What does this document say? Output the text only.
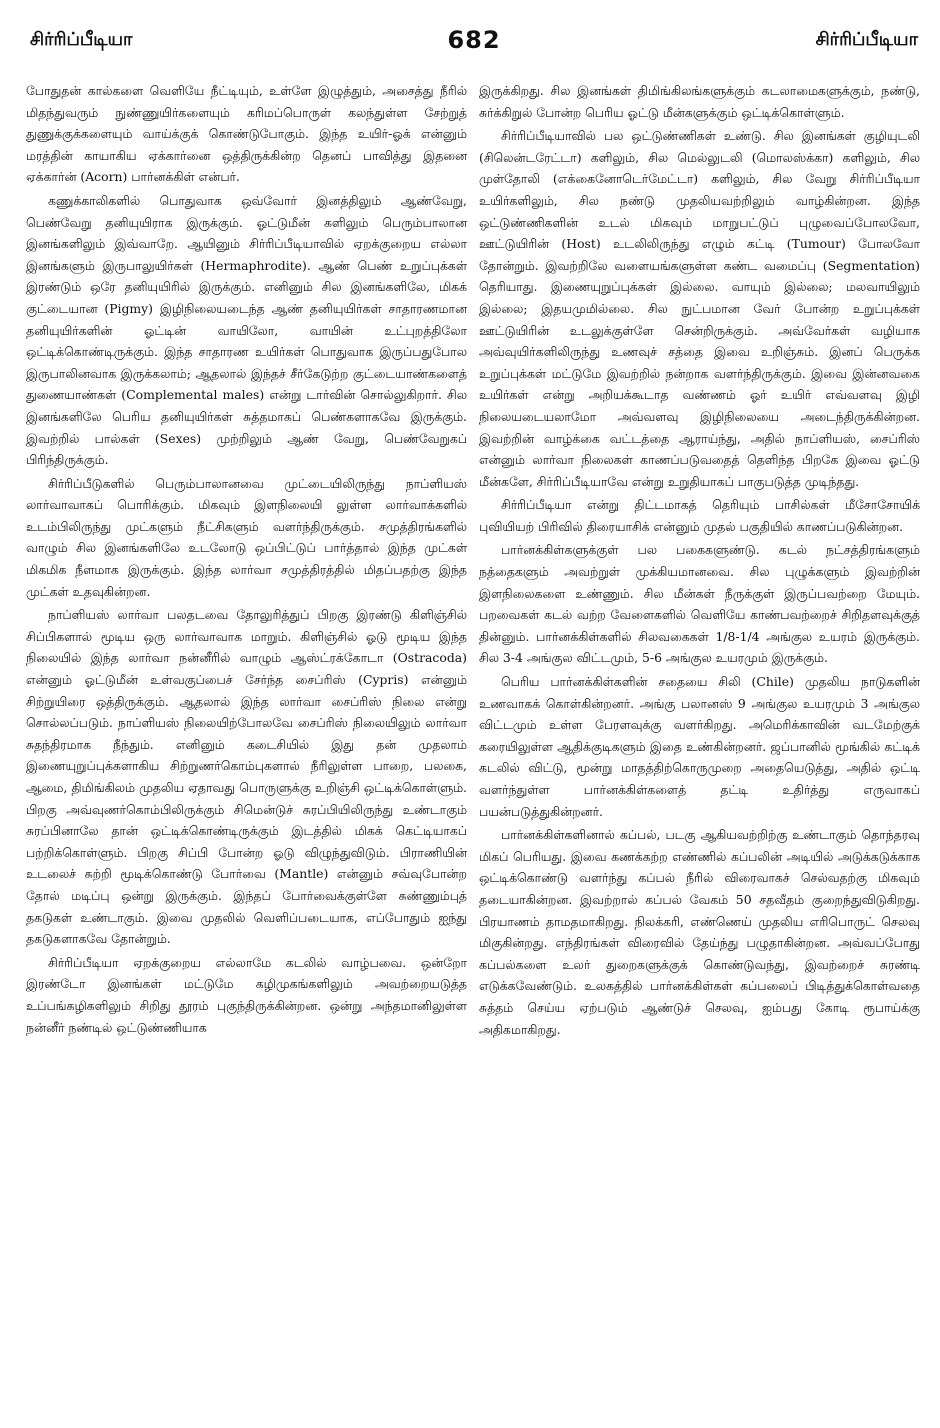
சிர்ரிப்பீடியா	682	சிர்ரிப்பீடியா

போதுதன் கால்களை வெளியே நீட்டியும், உள்ளே இழுத்தும், அசைத்து நீரில் மிதந்துவரும் நுண்ணுயிர்களையும் கரிமப்பொருள் கலந்துள்ள சேற்றுத் துணுக்குக்களையும் வாய்க்குக் கொண்டுபோகும். இந்த உயிர்-ஓக் என்னும் மரத்தின் காயாகிய ஏக்கார்னை ஒத்திருக்கின்ற தெனப் பாவித்து இதனை ஏக்கார்ன் (Acorn) பார்னக்கிள் என்பர்.

கணுக்காலிகளில் பொதுவாக ஒவ்வோர் இனத்திலும் ஆண்வேறு, பெண்வேறு தனியுயிராக இருக்கும். ஓட்டுமீன் களிலும் பெரும்பாலான இனங்களிலும் இவ்வாறே. ஆயினும் சிர்ரிப்பீடியாவில் ஏறக்குறைய எல்லா இனங்களும் இருபாலுயிர்கள் (Hermaphrodite). ஆண் பெண் உறுப்புக்கள் இரண்டும் ஒரே தனியுயிரில் இருக்கும். எனினும் சில இனங்களிலே, மிகக் குட்டையான (Pigmy) இழிநிலையடைந்த ஆண் தனியுயிர்கள் சாதாரணமான தனியுயிர்களின் ஓட்டின் வாயிலோ, வாயின் உட்புறத்திலோ ஒட்டிக்கொண்டிருக்கும். இந்த சாதாரண உயிர்கள் பொதுவாக இருப்பதுபோல இருபாலினவாக இருக்கலாம்; ஆதலால் இந்தச் சீர்கேடுற்ற குட்டையாண்களைத் துணையாண்கள் (Complemental males) என்று டார்வின் சொல்லுகிறார். சில இனங்களிலே பெரிய தனியுயிர்கள் சுத்தமாகப் பெண்களாகவே இருக்கும். இவற்றில் பால்கள் (Sexes) முற்றிலும் ஆண் வேறு, பெண்வேறுகப் பிரிந்திருக்கும்.

சிர்ரிப்பீடுகளில் பெரும்பாலானவை முட்டையிலிருந்து நாப்ளியஸ் லார்வாவாகப் பொரிக்கும். மிகவும் இளநிலையி லுள்ள லார்வாக்களில் உடம்பிலிருந்து முட்களும் நீட்சிகளும் வளர்ந்திருக்கும். சமுத்திரங்களில் வாழும் சில இனங்களிலே உடலோடு ஒப்பிட்டுப் பார்த்தால் இந்த முட்கள் மிகமிக நீளமாக இருக்கும். இந்த லார்வா சமுத்திரத்தில் மிதப்பதற்கு இந்த முட்கள் உதவுகின்றன.

நாப்ளியஸ் லார்வா பலதடவை தோலுரித்துப் பிறகு இரண்டு கிளிஞ்சில் சிப்பிகளால் மூடிய ஒரு லார்வாவாக மாறும். கிளிஞ்சில் ஓடு மூடிய இந்த நிலையில் இந்த லார்வா நன்னீரில் வாழும் ஆஸ்ட்ரக்கோடா (Ostracoda) என்னும் ஓட்டுமீன் உள்வகுப்பைச் சேர்ந்த சைப்ரிஸ் (Cypris) என்னும் சிற்றுயிரை ஒத்திருக்கும். ஆதலால் இந்த லார்வா சைப்ரிஸ் நிலை என்று சொல்லப்படும். நாப்ளியஸ் நிலையிற்போலவே சைப்ரிஸ் நிலையிலும் லார்வா சுதந்திரமாக நீந்தும். எனினும் கடைசியில் இது தன் முதலாம் இணையுறுப்புக்களாகிய சிற்றுணர்கொம்புகளால் நீரிலுள்ள பாறை, பலகை, ஆமை, திமிங்கிலம் முதலிய ஏதாவது பொருளுக்கு உறிஞ்சி ஒட்டிக்கொள்ளும். பிறகு அவ்வுணர்கொம்பிலிருக்கும் சிமென்டுச் சுரப்பியிலிருந்து உண்டாகும் சுரப்பினாலே தான் ஒட்டிக்கொண்டிருக்கும் இடத்தில் மிகக் கெட்டியாகப் பற்றிக்கொள்ளும். பிறகு சிப்பி போன்ற ஓடு விழுந்துவிடும். பிராணியின் உடலைச் சுற்றி மூடிக்கொண்டு போர்வை (Mantle) என்னும் சவ்வுபோன்ற தோல் மடிப்பு ஒன்று இருக்கும். இந்தப் போர்வைக்குள்ளே சுண்ணும்புத் தகடுகள் உண்டாகும். இவை முதலில் வெளிப்படையாக, எப்போதும் ஐந்து தகடுகளாகவே தோன்றும்.

சிர்ரிப்பீடியா ஏறக்குறைய எல்லாமே கடலில் வாழ்பவை. ஒன்றோ இரண்டோ இனங்கள் மட்டுமே கழிமுகங்களிலும் அவற்றையடுத்த உப்பங்கழிகளிலும் சிறிது தூரம் புகுந்திருக்கின்றன. ஒன்று அந்தமானிலுள்ள நன்னீர் நண்டில் ஒட்டுண்ணியாக

இருக்கிறது. சில இனங்கள் திமிங்கிலங்களுக்கும் கடலாமைகளுக்கும், நண்டு, சுர்க்கிறுல் போன்ற பெரிய ஓட்டு மீன்களுக்கும் ஒட்டிக்கொள்ளும்.

சிர்ரிப்பீடியாவில் பல ஒட்டுண்ணிகள் உண்டு. சில இனங்கள் குழியுடலி (சிலென்டரேட்டா) களிலும், சில மெல்லுடலி (மொலஸ்க்கா) களிலும், சில முள்தோலி (எக்கைனோடெர்மேட்டா) களிலும், சில வேறு சிர்ரிப்பீடியா உயிர்களிலும், சில நண்டு முதலியவற்றிலும் வாழ்கின்றன. இந்த ஒட்டுண்ணிகளின் உடல் மிகவும் மாறுபட்டுப் புழுவைப்போலவோ, ஊட்டுயிரின் (Host) உடலிலிருந்து எழும் கட்டி (Tumour) போலவோ தோன்றும். இவற்றிலே வளையங்களுள்ள கண்ட வமைப்பு (Segmentation) தெரியாது. இணையுறுப்புக்கள் இல்லை. வாயும் இல்லை; மலவாயிலும் இல்லை; இதயமுமில்லை. சில நுட்பமான வேர் போன்ற உறுப்புக்கள் ஊட்டுயிரின் உடலுக்குள்ளே சென்றிருக்கும். அவ்வேர்கள் வழியாக அவ்வுயிர்களிலிருந்து உணவுச் சத்தை இவை உறிஞ்சும். இனப் பெருக்க உறுப்புக்கள் மட்டுமே இவற்றில் நன்றாக வளர்ந்திருக்கும். இவை இன்னவகை உயிர்கள் என்று அறியக்கூடாத வண்ணம் ஓர் உயிர் எவ்வளவு இழி நிலையடையலாமோ அவ்வளவு இழிநிலையை அடைந்திருக்கின்றன. இவற்றின் வாழ்க்கை வட்டத்தை ஆராய்ந்து, அதில் நாப்ளியஸ், சைப்ரிஸ் என்னும் லார்வா நிலைகள் காணப்படுவதைத் தெளிந்த பிறகே இவை ஓட்டு மீன்களே, சிர்ரிப்பீடியாவே என்று உறுதியாகப் பாகுபடுத்த முடிந்தது.

சிர்ரிப்பீடியா என்று திட்டமாகத் தெரியும் பாசில்கள் மீசோசோயிக் புவியியற் பிரிவில் திரையாசிக் என்னும் முதல் பகுதியில் காணப்படுகின்றன.

பார்னக்கிள்களுக்குள் பல பகைகளுண்டு. கடல் நட்சத்திரங்களும் நத்தைகளும் அவற்றுள் முக்கியமானவை. சில புழுக்களும் இவற்றின் இளநிலைகளை உண்ணும். சில மீன்கள் நீருக்குள் இருப்பவற்றை மேயும். பறவைகள் கடல் வற்ற வேளைகளில் வெளியே காண்பவற்றைச் சிறிதளவுக்குத் தின்னும். பார்னக்கிள்களில் சிலவகைகள் 1/8-1/4 அங்குல உயரம் இருக்கும். சில 3-4 அங்குல விட்டமும், 5-6 அங்குல உயரமும் இருக்கும்.

பெரிய பார்னக்கிள்களின் சதையை சிலி (Chile) முதலிய நாடுகளின் உணவாகக் கொள்கின்றனர். அங்கு பலானஸ் 9 அங்குல உயரமும் 3 அங்குல விட்டமும் உள்ள பேரளவுக்கு வளர்கிறது. அமெரிக்காவின் வடமேற்குக் கரையிலுள்ள ஆதிக்குடிகளும் இதை உண்கின்றனர். ஜப்பானில் மூங்கில் கட்டிக் கடலில் விட்டு, மூன்று மாதத்திற்கொருமுறை அதையெடுத்து, அதில் ஒட்டி வளர்ந்துள்ள பார்னக்கிள்களைத் தட்டி உதிர்த்து எருவாகப் பயன்படுத்துகின்றனர்.

பார்னக்கிள்களினால் கப்பல், படகு ஆகியவற்றிற்கு உண்டாகும் தொந்தரவு மிகப் பெரியது. இவை கணக்கற்ற எண்ணில் கப்பலின் அடியில் அடுக்கடுக்காக ஒட்டிக்கொண்டு வளர்ந்து கப்பல் நீரில் விரைவாகச் செல்வதற்கு மிகவும் தடையாகின்றன. இவற்றால் கப்பல் வேகம் 50 சதவீதம் குறைந்துவிடுகிறது. பிரயாணம் தாமதமாகிறது. நிலக்கரி, எண்ணெய் முதலிய எரிபொருட் செலவு மிகுகின்றது. எந்திரங்கள் விரைவில் தேய்ந்து பழுதாகின்றன. அவ்வப்போது கப்பல்களை உலர் துறைகளுக்குக் கொண்டுவந்து, இவற்றைச் சுரண்டி எடுக்கவேண்டும். உலகத்தில் பார்னக்கிள்கள் கப்பலைப் பிடித்துக்கொள்வதை சுத்தம் செய்ய ஏற்படும் ஆண்டுச் செலவு, ஐம்பது கோடி ரூபாய்க்கு அதிகமாகிறது.
